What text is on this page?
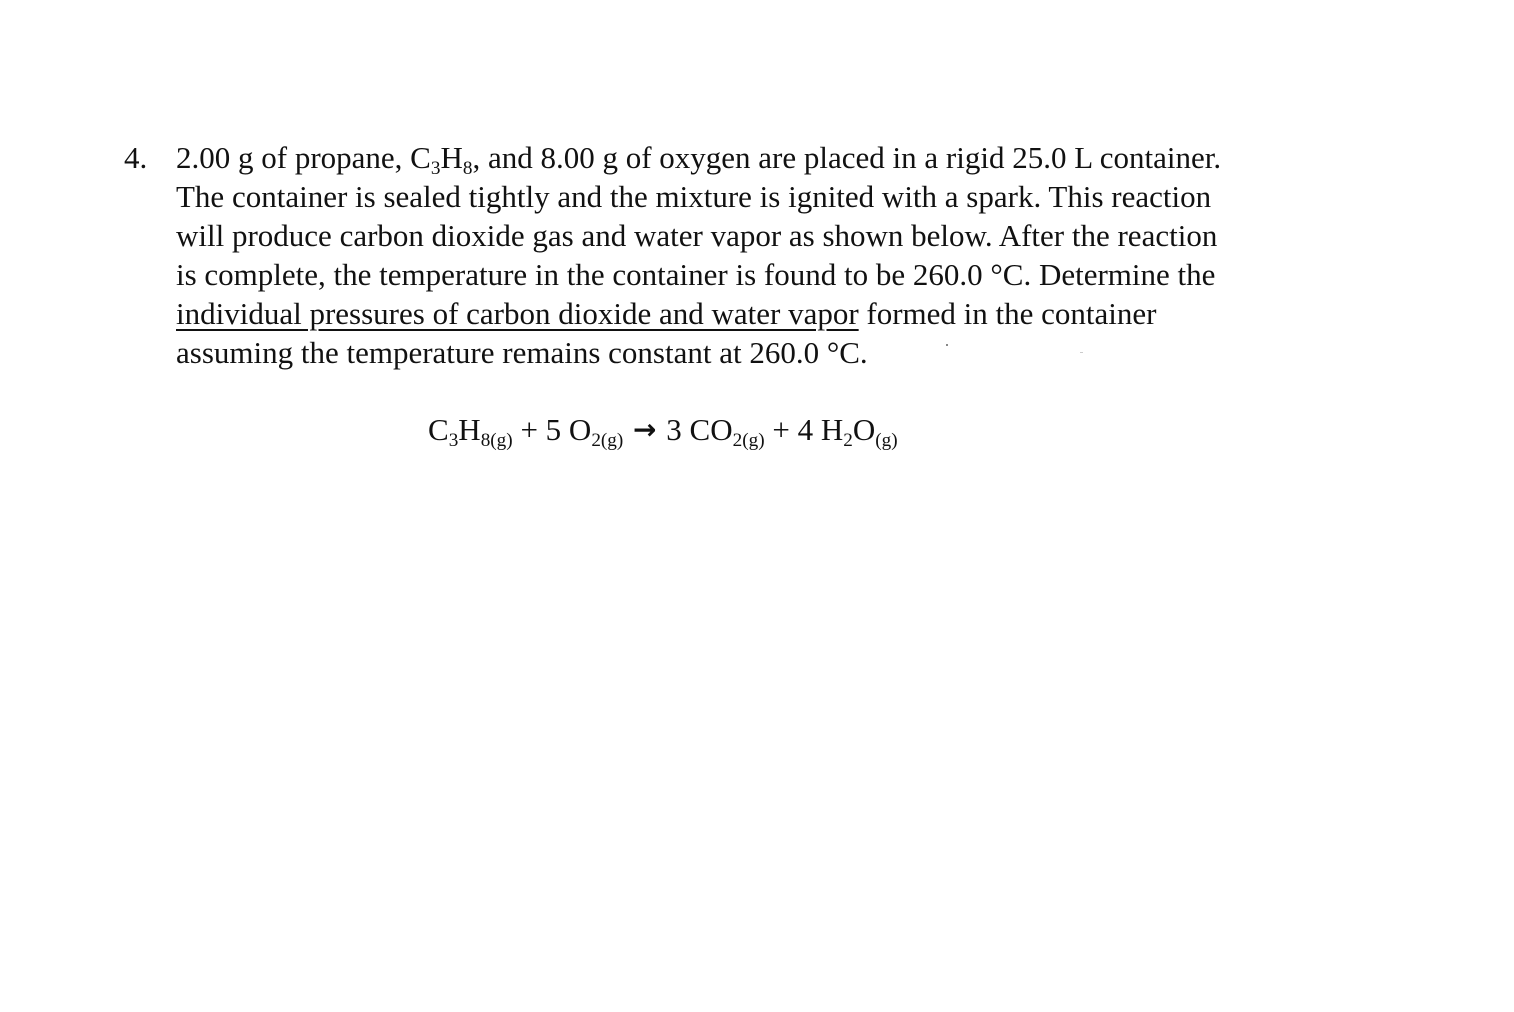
4. 2.00 g of propane, $C_3H_8$, and 8.00 g of oxygen are placed in a rigid 25.0 L container.
The container is sealed tightly and the mixture is ignited with a spark. This reaction
will produce carbon dioxide gas and water vapor as shown below. After the reaction
is complete, the temperature in the container is found to be 260.0 °C. Determine the
individual pressures of carbon dioxide and water vapor formed in the container
assuming the temperature remains constant at 260.0 °C.
$C_3H_{8(g)} + 5$ $O_{2(g)} \to 3$ $CO_{2(g)} + 4$ $H_2O_{(g)}$
